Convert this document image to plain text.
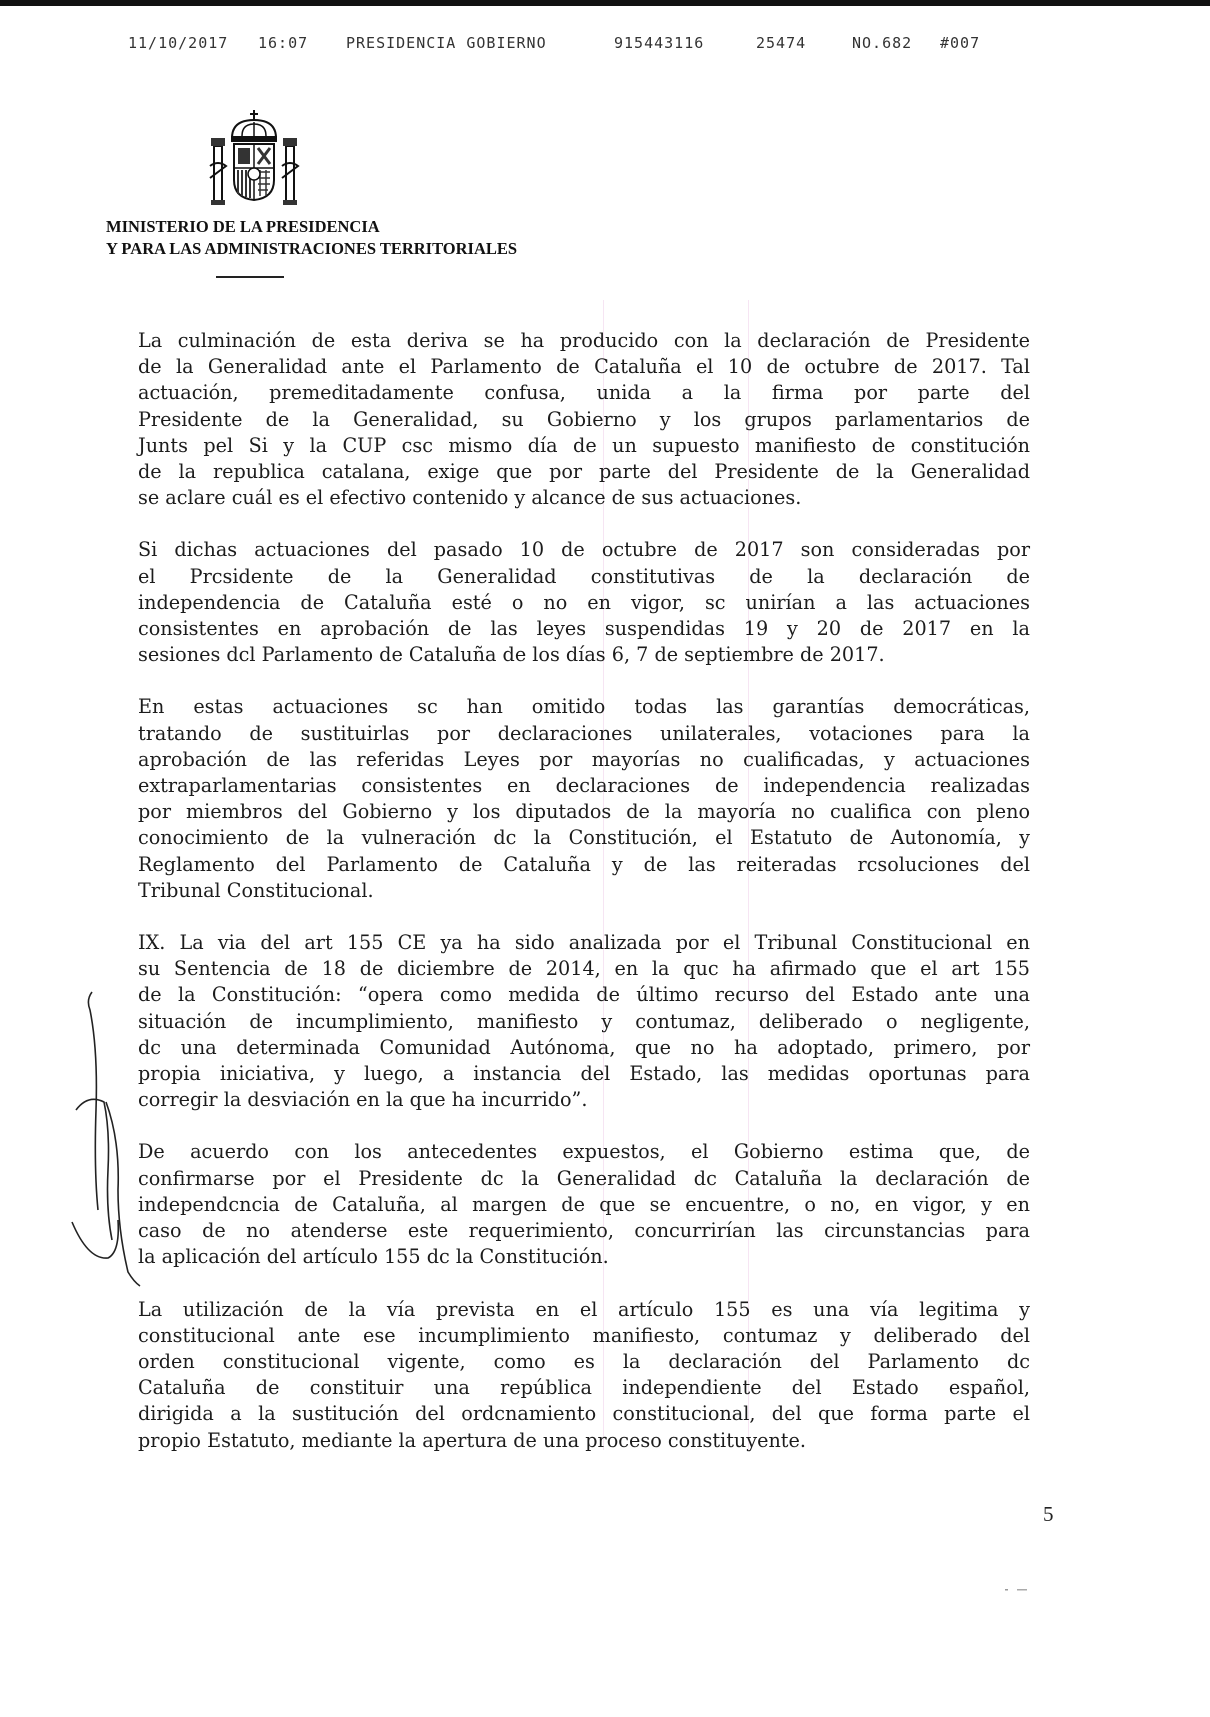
11/10/2017

16:07

	PRESIDENCIA GOBIERNO

	915443116

	25474

	NO.682

#007

MINISTERIO DE LA PRESIDENCIA
Y PARA LAS ADMINISTRACIONES TERRITORIALES
La culminación de esta deriva se ha producido con la declaración de Presidente
de la Generalidad ante el Parlamento de Cataluña el 10 de octubre de 2017. Tal
actuación, premeditadamente confusa, unida a la firma por parte del
Presidente de la Generalidad, su Gobierno y los grupos parlamentarios de
Junts pel Si y la CUP csc mismo día de un supuesto manifiesto de constitución
de la republica catalana, exige que por parte del Presidente de la Generalidad
se aclare cuál es el efectivo contenido y alcance de sus actuaciones.
Si dichas actuaciones del pasado 10 de octubre de 2017 son consideradas por
el Prcsidente de la Generalidad constitutivas de la declaración de
independencia de Cataluña esté o no en vigor, sc unirían a las actuaciones
consistentes en aprobación de las leyes suspendidas 19 y 20 de 2017 en la
sesiones dcl Parlamento de Cataluña de los días 6, 7 de septiembre de 2017.
En estas actuaciones sc han omitido todas las garantías democráticas,
tratando de sustituirlas por declaraciones unilaterales, votaciones para la
aprobación de las referidas Leyes por mayorías no cualificadas, y actuaciones
extraparlamentarias consistentes en declaraciones de independencia realizadas
por miembros del Gobierno y los diputados de la mayoría no cualifica con pleno
conocimiento de la vulneración dc la Constitución, el Estatuto de Autonomía, y
Reglamento del Parlamento de Cataluña y de las reiteradas rcsoluciones del
Tribunal Constitucional.
IX. La via del art 155 CE ya ha sido analizada por el Tribunal Constitucional en
su Sentencia de 18 de diciembre de 2014, en la quc ha afirmado que el art 155
de la Constitución: “opera como medida de último recurso del Estado ante una
situación de incumplimiento, manifiesto y contumaz, deliberado o negligente,
dc una determinada Comunidad Autónoma, que no ha adoptado, primero, por
propia iniciativa, y luego, a instancia del Estado, las medidas oportunas para
corregir la desviación en la que ha incurrido”.
De acuerdo con los antecedentes expuestos, el Gobierno estima que, de
confirmarse por el Presidente dc la Generalidad dc Cataluña la declaración de
independcncia de Cataluña, al margen de que se encuentre, o no, en vigor, y en
caso de no atenderse este requerimiento, concurrirían las circunstancias para
la aplicación del artículo 155 dc la Constitución.
La utilización de la vía prevista en el artículo 155 es una vía legitima y
constitucional ante ese incumplimiento manifiesto, contumaz y deliberado del
orden constitucional vigente, como es la declaración del Parlamento dc
Cataluña de constituir una república independiente del Estado español,
dirigida a la sustitución del ordcnamiento constitucional, del que forma parte el
propio Estatuto, mediante la apertura de una proceso constituyente.
5
